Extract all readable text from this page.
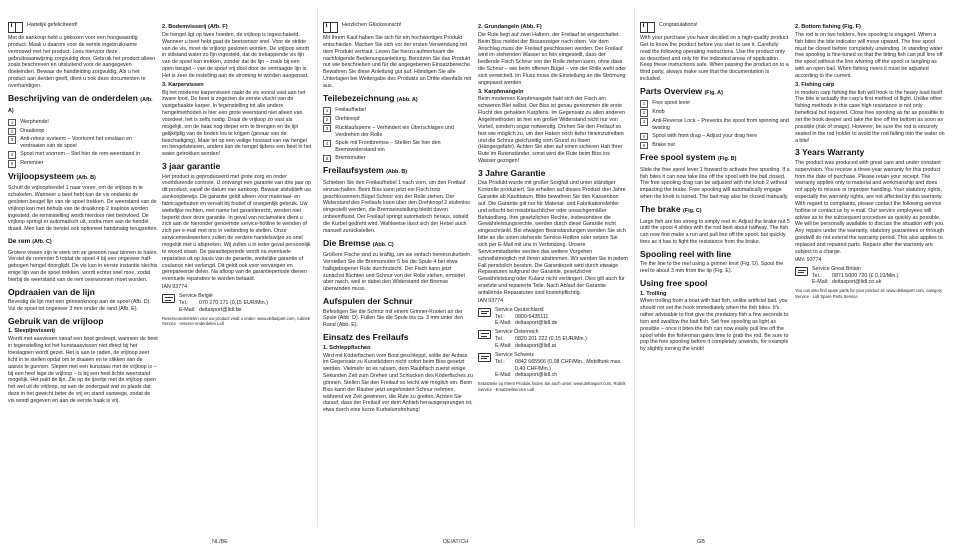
i
Hartelijk gefeliciteerd!

Met de aankoop hebt u gekozen voor een hoogwaardig product. Maak u daarom voor de eerste ingebruikname vertrouwd met het product. Lees hiervoor deze gebruiksaanwijzing zorgvuldig door. Gebruik het product alleen zoals beschreven en uitsluitend voor de aangegeven doeleinden. Bewaar de handleiding zorgvuldig. Als u het product aan derden geeft, dient u ook deze documenten te overhandigen.

Beschrijving van de onderdelen (Afb. A)
1	Werphendel
2	Draaiknop
3	Anti-retour systeem – Voorkomt het omslaan en verdraaien van de spoel
4	Spoel met voorrem – Stel hier de rem-weerstand in
5	Remmoer
Vrijloopsysteem (Afb. B)

Schuif de vrijloophendel 1 naar voren, om de vrijloop in te schakelen. Wanneer u beet hebt kan de vis ondanks de gesloten beugel lijn van de spoel trekken. De weerstand van de vrijloop kan met behulp van de draaiknop 2 traploos worden ingesteld, de reminstelling wordt hierdoor niet beïnvloed. De vrijloop springt er automatisch uit, zodra men aan de hendel draait. Men kan de hendel ook optioneel handmatig terugzetten.

De rem (Afb. C)

Grotere vissen zijn te sterk om ze gewoon naar binnen te halen. Verstel de remmoer 5 totdat de spoel 4 bij een ongeveer half-gebogen hengel doorglijdt. De vis kan in eerste instantie slechts enige lijn van de spoel trekken, wordt echter snel moe, zodat hierbij de weerstand van de rem overwonnen moet worden.

Opdraaien van de lijn

Bevestig de lijn met een grinnenknoop aan de spoel (Afb. D). Vul de spoel tot ongeveer 3 mm onder de rand (Afb. E).

Gebruik van de vrijloop
1. Sleepljnvisserij

Wordt met aasvissen vanaf een boot gesleept, wanneer de beet in tegenstelling tot het kunstaasvissen niet direct bij het toeslagpen wordt gezet. Het is aan te raden, de vrijloop zeer licht in te stellen opdat om te draaien en te slikken van de aasvis te gunnen. Slepen met een kunstaas met de vrijloop is – bij een heel lage de vrijloop – is bij een heel lichte weerstand mogelijk. Het pakt de lijn. Zie op de ijsvrije met de vrijloop open het wel uit de vrijloop, op aan de ondergaat wat zo plaats dat deze in het gewicht beter de vrij en stand vanwege, zodat de vis wordt gegeven en aan de eerste haak is vrij.

2. Bodemvisserij (Afb. F)

De hengel ligt op twee hoeden, de vrijloop is ingeschakeld. Wanneer u beet hebt gaat de beetsensor snel. Voor de strikte van de vis, moet de vrijloop gesloten worden. De vrijloop wordt in stilstand water zo fijn ingesteld, dat de trekappende vis lijn van de spoel kan trekken, zonder dat de lijn – zoals bij een open beugel – van de spoel vrij dooi door de vertraagde lijn is. Het is zeer de instelling aan de stroming te worden aangepast.

3. Karpervissen

Bij het moderne karpervissen raakt de vis vooral vast aan het zware lood. De beet is zogezien de eerste vlucht van de vastgehaakte karper. In tegenstelling tot alle andere hengelmethoden is hier een grote weerstand niet alleen van voordeel, het is zelfs nodig. Draai de vrijloop zo vast als mogelijk, om de haak nog dieper erin te brengen en de lijn gelijktijdig van de boden los te krijgen (gevaar van de beschadiging). Maar let op een veilige houvast van uw hengel en hengelsteunen, anders kan de hengel tijdens een beet in het water getrokken worden!

3 jaar garantie

Het product is geproduceerd met grote zorg en onder voortdurende controle. U ontvangt een garantie van drie jaar op dit product, vanaf de datum van aankoop. Bewaar alstublieft uw aankoopbewijs. De garantie geldt alleen voor materiaal- en fabricagefouten en vervalt bij foutief of oneigenlijk gebruik. Uw wettelijke rechten, met name het garantierecht, worden niet beperkt door deze garantie. In geval van reclamaties dient u zich aan de hieronder genoemde service-hotline te wenden of zich per e-mail met ons in verbinding te stellen. Onze servicemedewerkers zullen de verdere handelswijze zo snel mogelijk met u afspreken. Wij zullen u in ieder geval persoonlijk te woord staan. De garantieperiode wordt na eventuele reparaties uit op basis van de garantie, wettelijke garantie of coulance niet verlengd. Dit geldt ook voor vervangen en gerepareerde delen. Na afloop van de garantieperiode dienen eventuele reparaties te worden betaald.

IAN 93774

Service België
Tel.:	070 270 171 (0,15 EUR/Min.)
E-Mail: deltasport@lidl.be

Reserveonderdelen voor uw product vindt u onder: www.deltasport.com, rubriek Service - reserve-onderdelen Lidl

i
Herzlichen Glückwunsch!

Mit Ihrem Kauf haben Sie sich für ein hochwertiges Produkt entschieden. Machen Sie sich vor der ersten Verwendung mit dem Produkt vertraut. Lesen Sie hierzu aufmerksam die nachfolgende Bedienungsanleitung. Benutzen Sie das Produkt nur wie beschrieben und für die angegebenen Einsatzbereiche. Bewahren Sie diese Anleitung gut auf. Händigen Sie alle Unterlagen bei Weitergabe des Produkts an Dritte ebenfalls mit aus.

Teilebezeichnung (Abb. A)
1	Freilaufhebel
2	Drehknopf
3	Rücklaufsperre – Verhindert ein Überschlagen und Verdrehen der Rolle
4	Spule mit Frontbremse – Stellen Sie hier den Bremswiderstand ein
5	Bremsmutter
Freilaufsystem (Abb. B)

Schieben Sie den Freilaufhebel 1 nach vorn, um den Freilauf einzuschalten. Beim Biss kann jetzt ein Fisch trotz geschlossenem Bügel Schnur von der Rolle ziehen. Der Widerstand des Freilaufs kann über den Drehknopf 2 stufenlos eingestellt werden, die Bremseinstellung bleibt davon unbeeinflusst. Der Freilauf springt automatisch heraus, sobald die Kurbel gedreht wird. Wahlweise lässt sich der Hebel auch manuell zurückstellen.

Die Bremse (Abb. C)

Größere Fische sind zu kräftig, um sie einfach hereinzukurbeln. Verstellen Sie die Bremsmutter 5 bis die Spule 4 bei etwa halbgebogener Rute durchrutscht. Der Fisch kann jetzt zunächst flüchten und Schnur von der Rolle ziehen, ermüdet aber rasch, weil er dabei den Widerstand der Bremse überwinden muss.

Aufspulen der Schnur

Befestigen Sie die Schnur mit einem Grinner-Knoten an der Spule (Abb. D). Füllen Sie die Spule bis ca. 3 mm unter den Rand (Abb. E).

Einsatz des Freilaufs
1. Schleppfischen

Wird mit Köderfischen vom Boot geschleppt, sollte der Anbiss im Gegensatz zu Kunstködern nicht sofort beim Biss gesetzt werden. Vielmehr ist es ratsam, dem Raubfisch zuerst einige Sekunden Zeit zum Drehen und Schlucken des Köderfisches zu gönnen. Stellen Sie den Freilauf so leicht wie möglich ein. Beim Biss kann der Räuber jetzt ungehindert Schnur nehmen, während wir Zeit gewinnen, die Rute zu greifen. Achten Sie darauf, dass der Freilauf vor dem Anhieb herausgesprungen ist, etwa durch eine kurze Kurbelumdrehung!

2. Grundangeln (Abb. F)

Die Rute liegt auf zwei Haltern, der Freilauf ist eingeschaltet. Beim Biss meldet der Bissanzeiger nach oben. Vor dem Anschlag muss der Freilauf geschlossen werden. Der Freilauf wird im stehenden Wasser so fein eingestellt, dass der bedlende Fisch Schnur von der Rolle ziehen kann, ohne dass die Schnur – wie beim offenen Bügel – von der Rolle weht oder sich verwickelt. Im Fluss muss die Einstellung an die Strömung angepasst werden.

3. Karpfenangeln

Beim modernen Karpfenangeln hakt sich der Fisch am schweren Blei selbst. Der Biss ist genau genommen die erste Flucht des gehakten Karpfens. Im Gegensatz zu allen anderen Angelmethoden ist hier ein großer Widerstand nicht nur von Vorteil, sondern sogar notwendig. Drehen Sie den Freilauf so fest wie möglich zu, um den Haken noch tiefer hineinzutreiben und die Schnur gleichzeitig vom Grund zu lösen (Hängergefahr). Achten Sie aber auf einen sicheren Halt Ihrer Rute im Rutenständer, sonst wird die Rute beim Biss ins Wasser gezogen!

3 Jahre Garantie

Das Produkt wurde mit großer Sorgfalt und unter ständiger Kontrolle produziert. Sie erhalten auf dieses Produkt drei Jahre Garantie ab Kaufdatum. Bitte bewahren Sie den Kassenbon auf. Die Garantie gilt nur für Material- und Fabrikationsfehler und erlischt bei missbräuchlicher oder unsachgemäßer Behandlung. Ihre gesetzlichen Rechte, insbesondere die Gewährleistungsrechte, werden durch diese Garantie nicht eingeschränkt. Bei etwaigen Beanstandungen wenden Sie sich bitte an die unten stehende Service-Hotline oder setzen Sie sich per E-Mail mit uns in Verbindung. Unsere Servicemitarbeiter werden das weitere Vorgehen schnellstmöglich mit Ihnen abstimmen. Wir werden Sie in jedem Fall persönlich beraten. Die Garantiezeit wird durch etwaige Reparaturen aufgrund der Garantie, gesetzlicher Gewährleistung oder Kulanz nicht verlängert. Dies gilt auch für ersetzte und reparierte Teile. Nach Ablauf der Garantie anfallende Reparaturen sind kostenpflichtig.

IAN 93774

Service Deutschland
Tel.:	0800-5435111
E-Mail: deltasport@lidl.de
Service Österreich
Tel.:	0820 201 222 (0,15 EUR/Min.)
E-Mail: deltasport@lidl.at
Service Schweiz
Tel.:	0842 665566 (0,08 CHF/Min., Mobilfunk max. 0,40 CHF/Min.)
E-Mail: deltasport@lidl.ch

Ersatzteile zu Ihrem Produkt finden Sie auch unter: www.deltasport.com, Rubrik Service - Ersatzteilservice Lidl

i
Congratulations!

With your purchase you have decided on a high-quality product. Get to know the product before you start to use it. Carefully read the following operating instructions. Use the product only as described and only for the indicated areas of application. Keep these instructions safe. When passing the product on to a third party, always make sure that the documentation is included.

Parts Overview (Fig. A)
1	Free spool lever
2	Knob
3	Anti-Reverse Lock – Prevents the spool from spinning and twisting
4	Spool with front drag – Adjust your drag here
5	Brake nut
Free spool system (Fig. B)

Slide the free spool lever 1 forward to activate free spooling. If a fish bites it can now take line off the spool with the bail closed. The free spooling drag can be adjusted with the knob 2 without impacting the brake. Free spooling will automatically engage when the knob is turned. The bail may also be closed manually.

The brake (Fig. C)

Large fish are too strong to simply reel in. Adjust the brake nut 5 until the spool 4 slides with the rod bent about halfway. The fish can now first make a run and pull line off the spool, but quickly tires as it has to fight the resistance from the brake.

Spooling reel with line

Tie the line to the reel using a grinner knot (Fig. D). Spool the reel to about 3 mm from the lip (Fig. E).

Using free spool
1. Trolling

When trolling from a boat with bait fish, unlike artificial bait, you should not set the hook immediately when the fish bites. It's rather advisable to first give the predatory fish a few seconds to turn and swallow the bait fish. Set free spooling as light as possible – once it bites the fish can now easily pull line off the spool while the fisherman gains time to grab the rod. Be sure to pop the free spooling before it completely unwinds, for example by slightly turning the knob!

2. Bottom fishing (Fig. F)

The rod is on two holders, free spooling is engaged. When a fish bites the bite indicator will move upward. The free spool must be closed before completely unwinding. In standing water free spooling is fine-tuned so that the biting fish can pull line off the spool without the line whirring off the spool or tangling as with an open bail. When fishing rivers it must be adjusted according to the current.

3. Fishing carp

In modern carp fishing the fish will hook to the heavy lead itself. The bite is actually the carp's first method of flight. Unlike other fishing methods in this case high resistance is not only beneficial but required. Close free spooling as far as possible to set the hook deeper and take the line off the bottom as soon as possible (risk of snags). However, be sure the rod is securely seated in the rod holder to avoid the rod falling into the water on a bite!

3 Years Warranty

The product was produced with great care and under constant supervision. You receive a three-year warranty for this product from the date of purchase. Please retain your receipt. The warranty applies only to material and workmanship and does not apply to misuse or improper handling. Your statutory rights, especially the warranty rights, are not affected by this warranty. With regard to complaints, please contact the following service hotline or contact us by e-mail. Our service employees will advise as to the subsequent procedure as quickly as possible. We will be personally available to discuss the situation with you. Any repairs under the warranty, statutory guarantees or through goodwill do not extend the warranty period. This also applies to replaced and repaired parts. Repairs after the warranty are subject to a charge.

IAN: 93774

Service Great Britain
Tel.:	0871 5000 720 (£ 0.10/Min.)
E-Mail: deltasport@lidl.co.uk

You can also find spare parts for your product at: www.deltasport.com, category Service - Lidl Spare Parts Service

NL/BE	DE/AT/CH	GB
